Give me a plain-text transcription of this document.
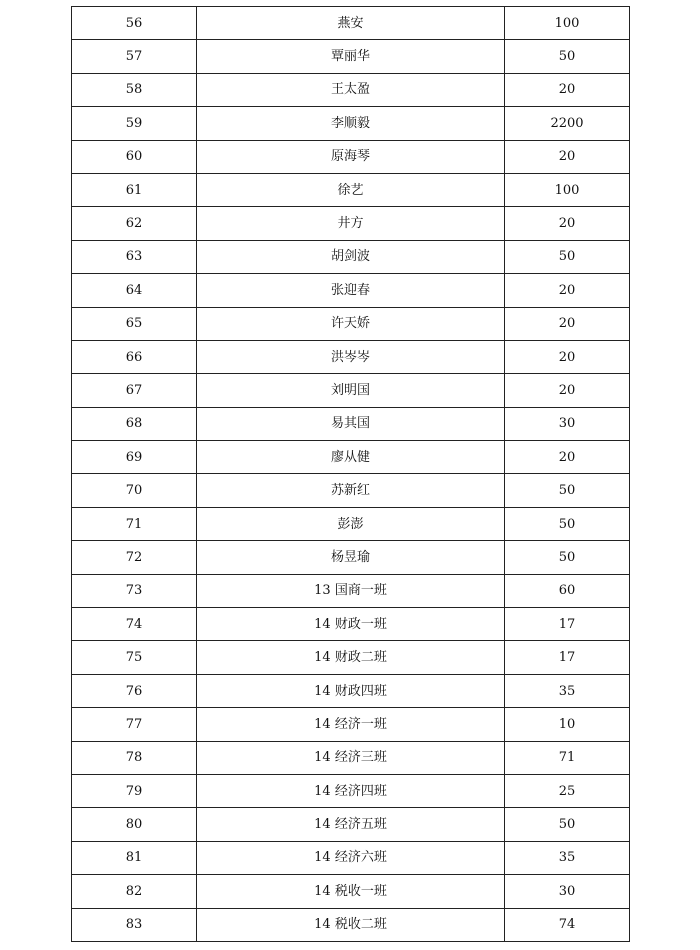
56	燕安	100
57	覃丽华	50
58	王太盈	20
59	李顺毅	2200
60	原海琴	20
61	徐艺	100
62	井方	20
63	胡剑波	50
64	张迎春	20
65	许天娇	20
66	洪岑岑	20
67	刘明国	20
68	易其国	30
69	廖从健	20
70	苏新红	50
71	彭澎	50
72	杨昱瑜	50
73	13 国商一班	60
74	14 财政一班	17
75	14 财政二班	17
76	14 财政四班	35
77	14 经济一班	10
78	14 经济三班	71
79	14 经济四班	25
80	14 经济五班	50
81	14 经济六班	35
82	14 税收一班	30
83	14 税收二班	74
